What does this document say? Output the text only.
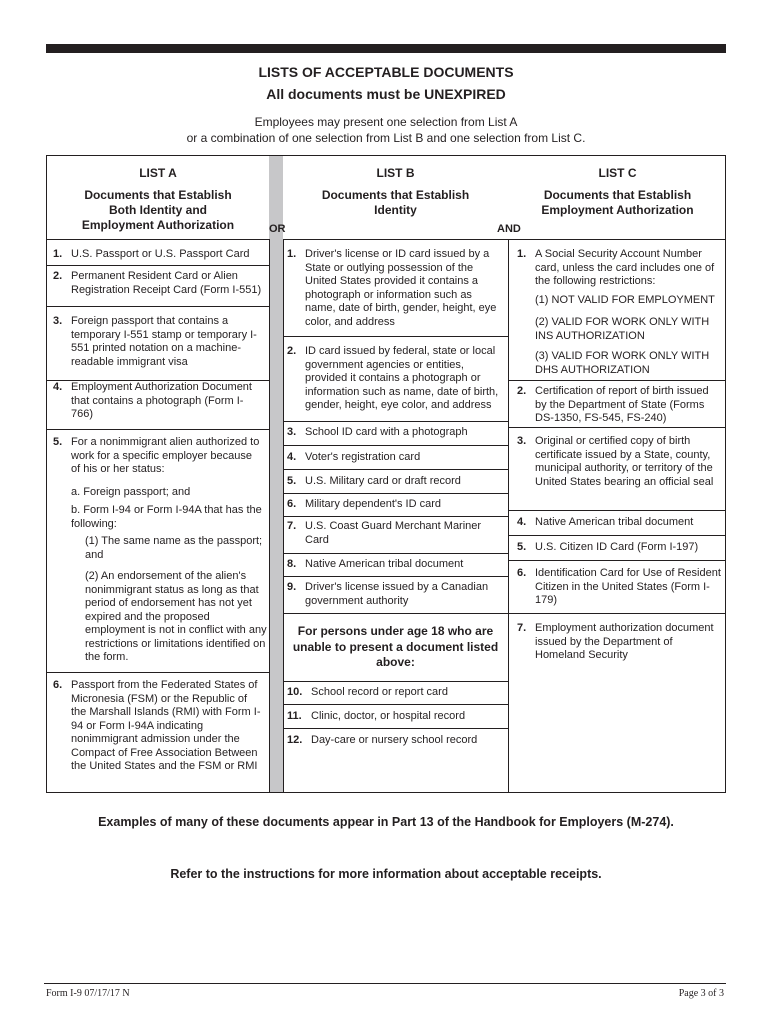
LISTS OF ACCEPTABLE DOCUMENTS
All documents must be UNEXPIRED
Employees may present one selection from List A
or a combination of one selection from List B and one selection from List C.
LIST A
Documents that Establish
Both Identity and
Employment Authorization	OR
LIST B
Documents that Establish
Identity
AND
LIST C
Documents that Establish
Employment Authorization
1. U.S. Passport or U.S. Passport Card
2. Permanent Resident Card or Alien Registration Receipt Card (Form I-551)
3. Foreign passport that contains a temporary I-551 stamp or temporary I-551 printed notation on a machine-readable immigrant visa
4. Employment Authorization Document that contains a photograph (Form I-766)
5. For a nonimmigrant alien authorized to work for a specific employer because of his or her status:
a. Foreign passport; and
b. Form I-94 or Form I-94A that has the following:
(1) The same name as the passport; and
(2) An endorsement of the alien's nonimmigrant status as long as that period of endorsement has not yet expired and the proposed employment is not in conflict with any restrictions or limitations identified on the form.
6. Passport from the Federated States of Micronesia (FSM) or the Republic of the Marshall Islands (RMI) with Form I-94 or Form I-94A indicating nonimmigrant admission under the Compact of Free Association Between the United States and the FSM or RMI
1. Driver's license or ID card issued by a State or outlying possession of the United States provided it contains a photograph or information such as name, date of birth, gender, height, eye color, and address
2. ID card issued by federal, state or local government agencies or entities, provided it contains a photograph or information such as name, date of birth, gender, height, eye color, and address
3. School ID card with a photograph
4. Voter's registration card
5. U.S. Military card or draft record
6. Military dependent's ID card
7. U.S. Coast Guard Merchant Mariner Card
8. Native American tribal document
9. Driver's license issued by a Canadian government authority
For persons under age 18 who are unable to present a document listed above:
10. School record or report card
11. Clinic, doctor, or hospital record
12. Day-care or nursery school record
1. A Social Security Account Number card, unless the card includes one of the following restrictions:
(1) NOT VALID FOR EMPLOYMENT
(2) VALID FOR WORK ONLY WITH INS AUTHORIZATION
(3) VALID FOR WORK ONLY WITH DHS AUTHORIZATION
2. Certification of report of birth issued by the Department of State (Forms DS-1350, FS-545, FS-240)
3. Original or certified copy of birth certificate issued by a State, county, municipal authority, or territory of the United States bearing an official seal
4. Native American tribal document
5. U.S. Citizen ID Card (Form I-197)
6. Identification Card for Use of Resident Citizen in the United States (Form I-179)
7. Employment authorization document issued by the Department of Homeland Security
Examples of many of these documents appear in Part 13 of the Handbook for Employers (M-274).
Refer to the instructions for more information about acceptable receipts.
Form I-9 07/17/17 N	Page 3 of 3
